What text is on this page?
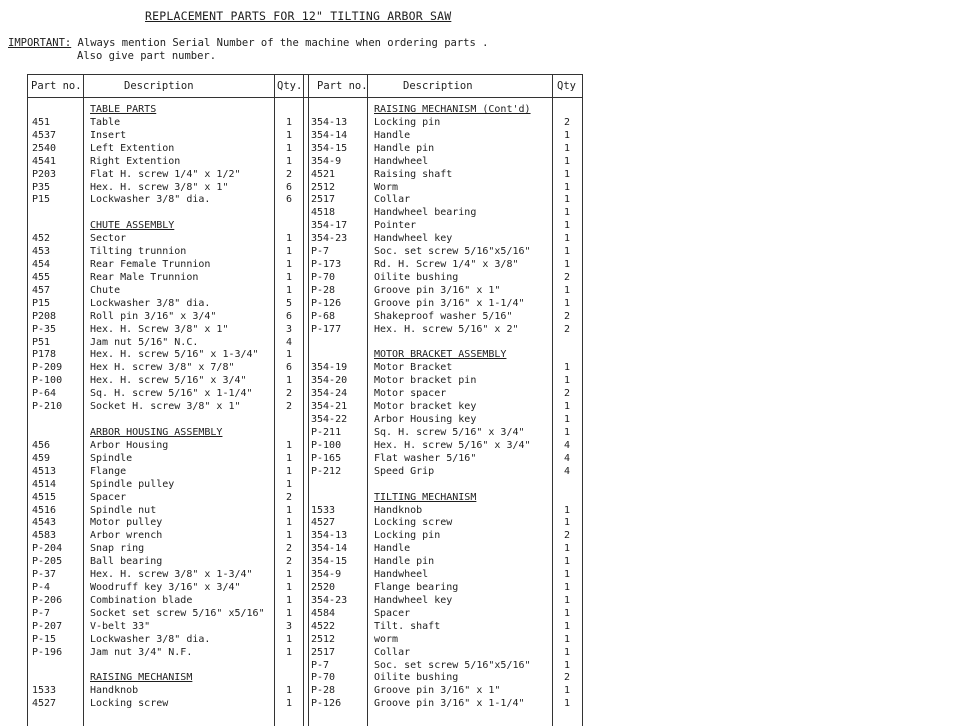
REPLACEMENT PARTS FOR 12" TILTING ARBOR SAW
IMPORTANT: Always mention Serial Number of the machine when ordering parts .
Also give part number.
Part no.	Description	Qty. Part no.	Description	Qty
TABLE PARTS
451	Table	1
4537	Insert	1
2540	Left Extention	1
4541	Right Extention	1
P203	Flat H. screw 1/4" x 1/2"	2
P35	Hex. H. screw 3/8" x 1"	6
P15	Lockwasher 3/8" dia.	6
CHUTE ASSEMBLY
452	Sector	1
453	Tilting trunnion	1
454	Rear Female Trunnion	1
455	Rear Male Trunnion	1
457	Chute	1
P15	Lockwasher 3/8" dia.	5
P208	Roll pin 3/16" x 3/4"	6
P-35	Hex. H. Screw 3/8" x 1"	3
P51	Jam nut 5/16" N.C.	4
P178	Hex. H. screw 5/16" x 1-3/4"	1
P-209	Hex H. screw 3/8" x 7/8"	6
P-100	Hex. H. screw 5/16" x 3/4"	1
P-64	Sq. H. screw 5/16" x 1-1/4"	2
P-210	Socket H. screw 3/8" x 1"	2
ARBOR HOUSING ASSEMBLY
456	Arbor Housing	1
459	Spindle	1
4513	Flange	1
4514	Spindle pulley	1
4515	Spacer	2
4516	Spindle nut	1
4543	Motor pulley	1
4583	Arbor wrench	1
P-204	Snap ring	2
P-205	Ball bearing	2
P-37	Hex. H. screw 3/8" x 1-3/4"	1
P-4	Woodruff key 3/16" x 3/4"	1
P-206	Combination blade	1
P-7	Socket set screw 5/16" x5/16"	1
P-207	V-belt 33"	3
P-15	Lockwasher 3/8" dia.	1
P-196	Jam nut 3/4" N.F.	1
RAISING MECHANISM
1533	Handknob	1
4527	Locking screw	1
RAISING MECHANISM (Cont'd)
354-13	Locking pin	2
354-14	Handle	1
354-15	Handle pin	1
354-9	Handwheel	1
4521	Raising shaft	1
2512	Worm	1
2517	Collar	1
4518	Handwheel bearing	1
354-17	Pointer	1
354-23	Handwheel key	1
P-7	Soc. set screw 5/16"x5/16"	1
P-173	Rd. H. Screw 1/4" x 3/8"	1
P-70	Oilite bushing	2
P-28	Groove pin 3/16" x 1"	1
P-126	Groove pin 3/16" x 1-1/4"	1
P-68	Shakeproof washer 5/16"	2
P-177	Hex. H. screw 5/16" x 2"	2
MOTOR BRACKET ASSEMBLY
354-19	Motor Bracket	1
354-20	Motor bracket pin	1
354-24	Motor spacer	2
354-21	Motor bracket key	1
354-22	Arbor Housing key	1
P-211	Sq. H. screw 5/16" x 3/4"	1
P-100	Hex. H. screw 5/16" x 3/4"	4
P-165	Flat washer 5/16"	4
P-212	Speed Grip	4
TILTING MECHANISM
1533	Handknob	1
4527	Locking screw	1
354-13	Locking pin	2
354-14	Handle	1
354-15	Handle pin	1
354-9	Handwheel	1
2520	Flange bearing	1
354-23	Handwheel key	1
4584	Spacer	1
4522	Tilt. shaft	1
2512	worm	1
2517	Collar	1
P-7	Soc. set screw 5/16"x5/16"	1
P-70	Oilite bushing	2
P-28	Groove pin 3/16" x 1"	1
P-126	Groove pin 3/16" x 1-1/4"	1
